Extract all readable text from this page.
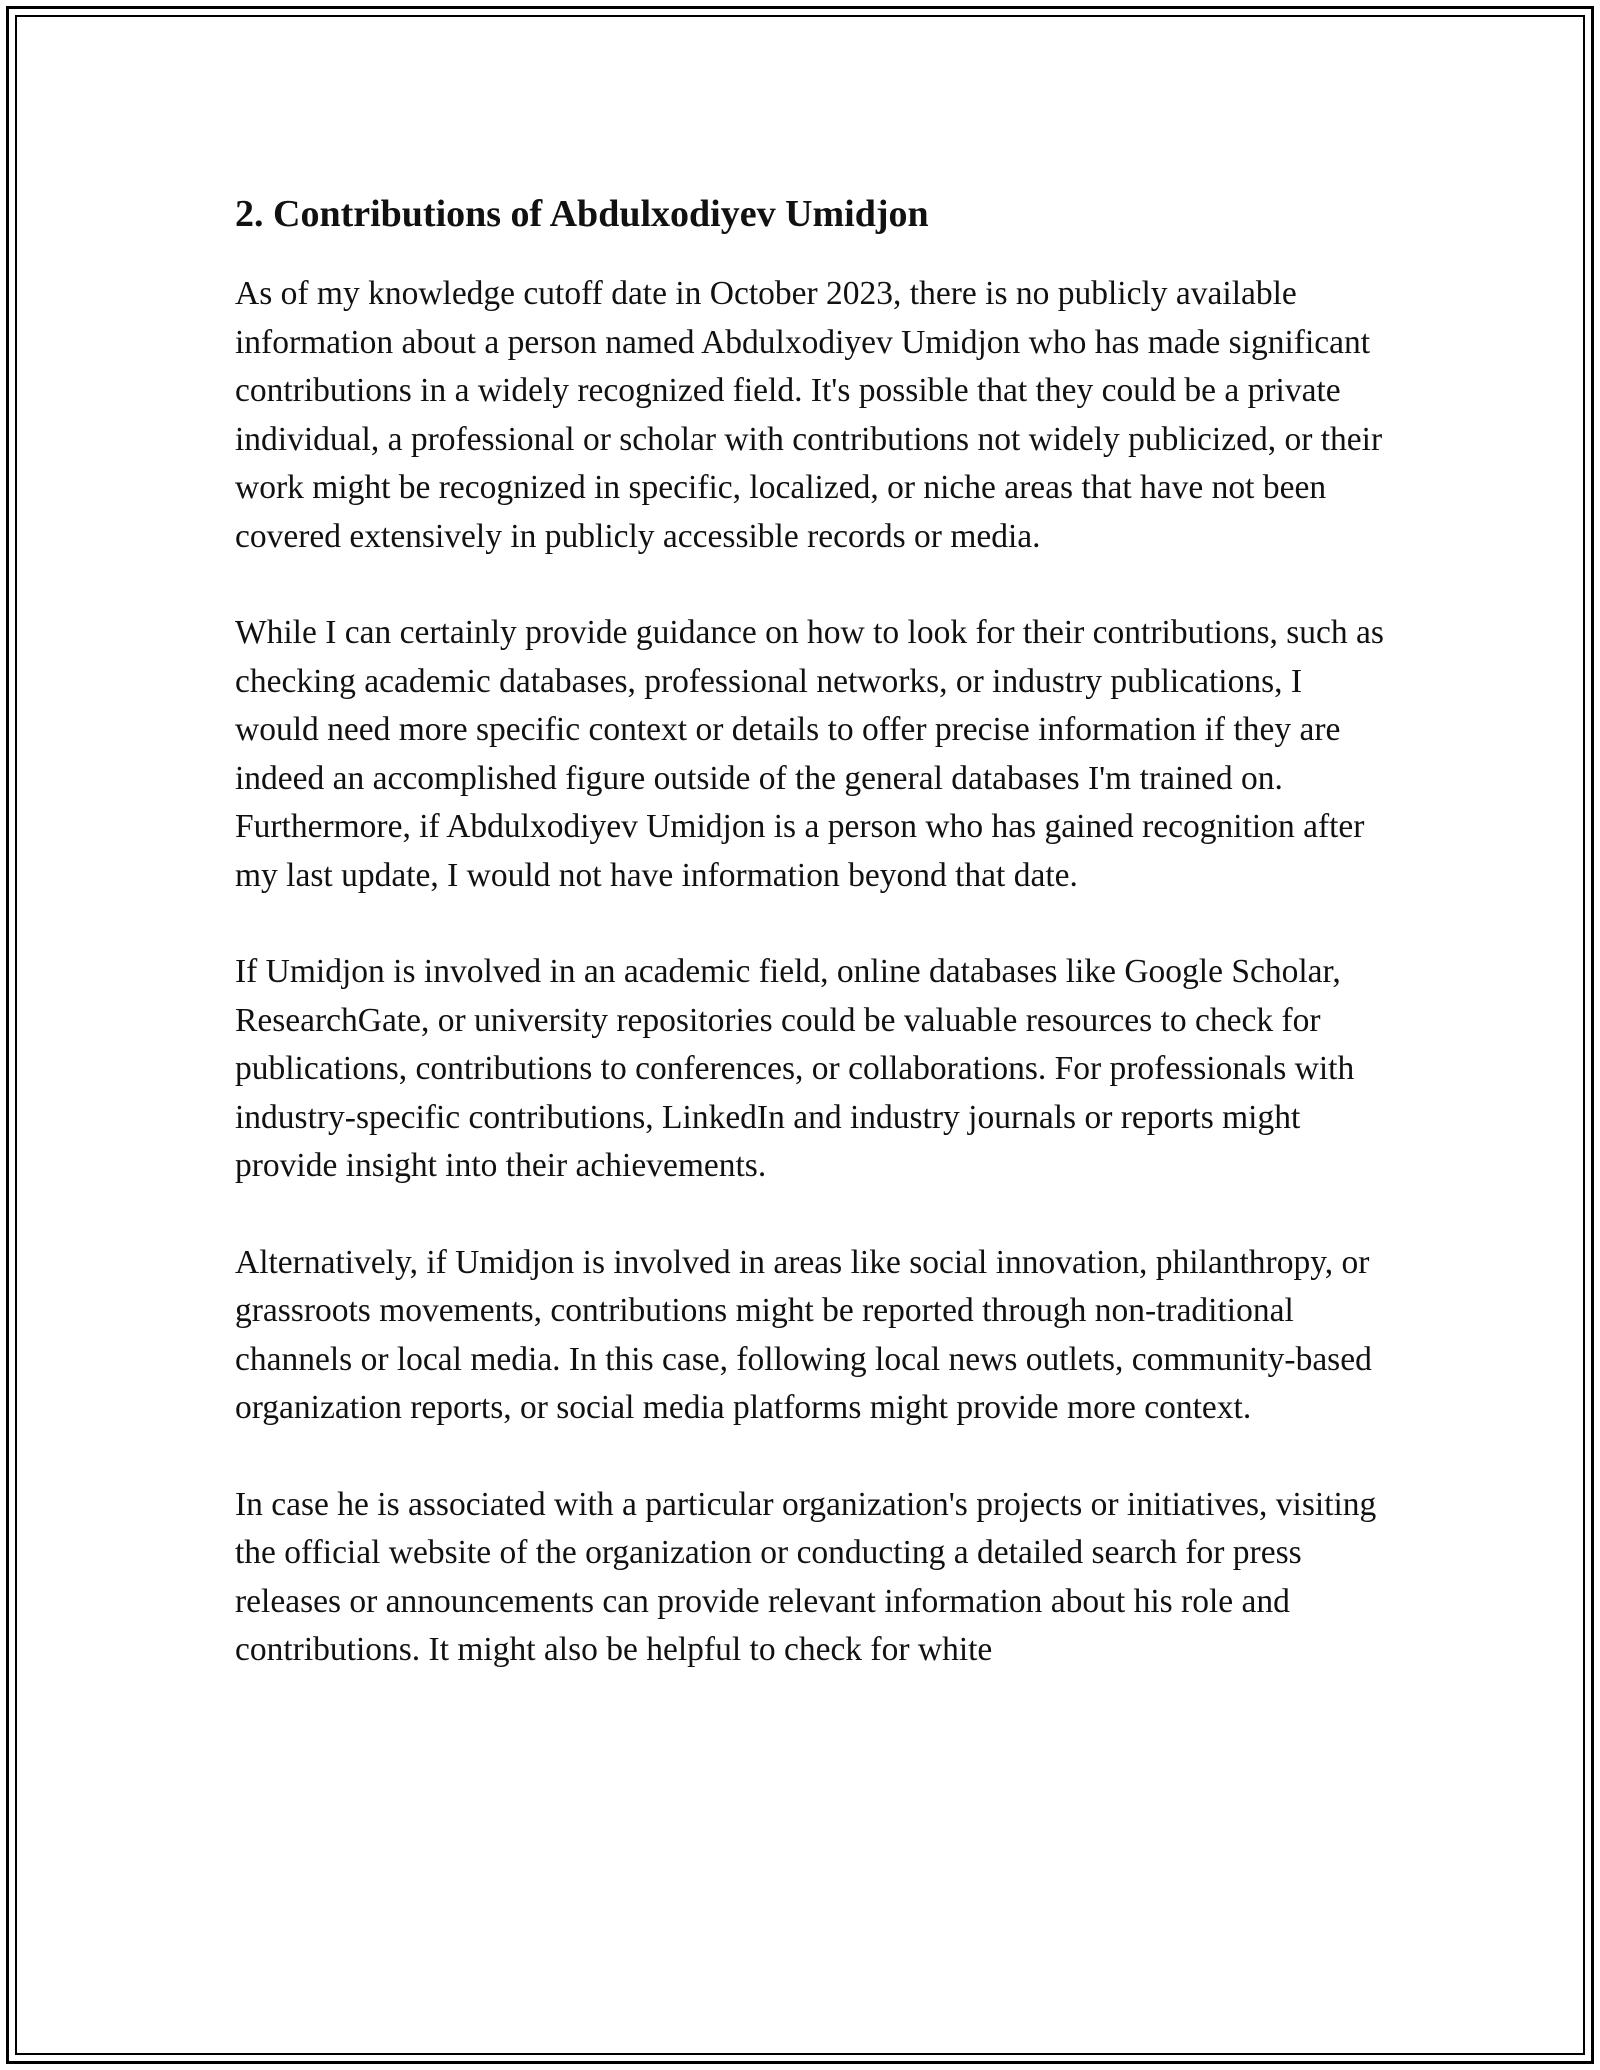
2. Contributions of Abdulxodiyev Umidjon

As of my knowledge cutoff date in October 2023, there is no publicly available information about a person named Abdulxodiyev Umidjon who has made significant contributions in a widely recognized field. It's possible that they could be a private individual, a professional or scholar with contributions not widely publicized, or their work might be recognized in specific, localized, or niche areas that have not been covered extensively in publicly accessible records or media.

While I can certainly provide guidance on how to look for their contributions, such as checking academic databases, professional networks, or industry publications, I would need more specific context or details to offer precise information if they are indeed an accomplished figure outside of the general databases I'm trained on. Furthermore, if Abdulxodiyev Umidjon is a person who has gained recognition after my last update, I would not have information beyond that date.

If Umidjon is involved in an academic field, online databases like Google Scholar, ResearchGate, or university repositories could be valuable resources to check for publications, contributions to conferences, or collaborations. For professionals with industry-specific contributions, LinkedIn and industry journals or reports might provide insight into their achievements.

Alternatively, if Umidjon is involved in areas like social innovation, philanthropy, or grassroots movements, contributions might be reported through non-traditional channels or local media. In this case, following local news outlets, community-based organization reports, or social media platforms might provide more context.

In case he is associated with a particular organization's projects or initiatives, visiting the official website of the organization or conducting a detailed search for press releases or announcements can provide relevant information about his role and contributions. It might also be helpful to check for white
